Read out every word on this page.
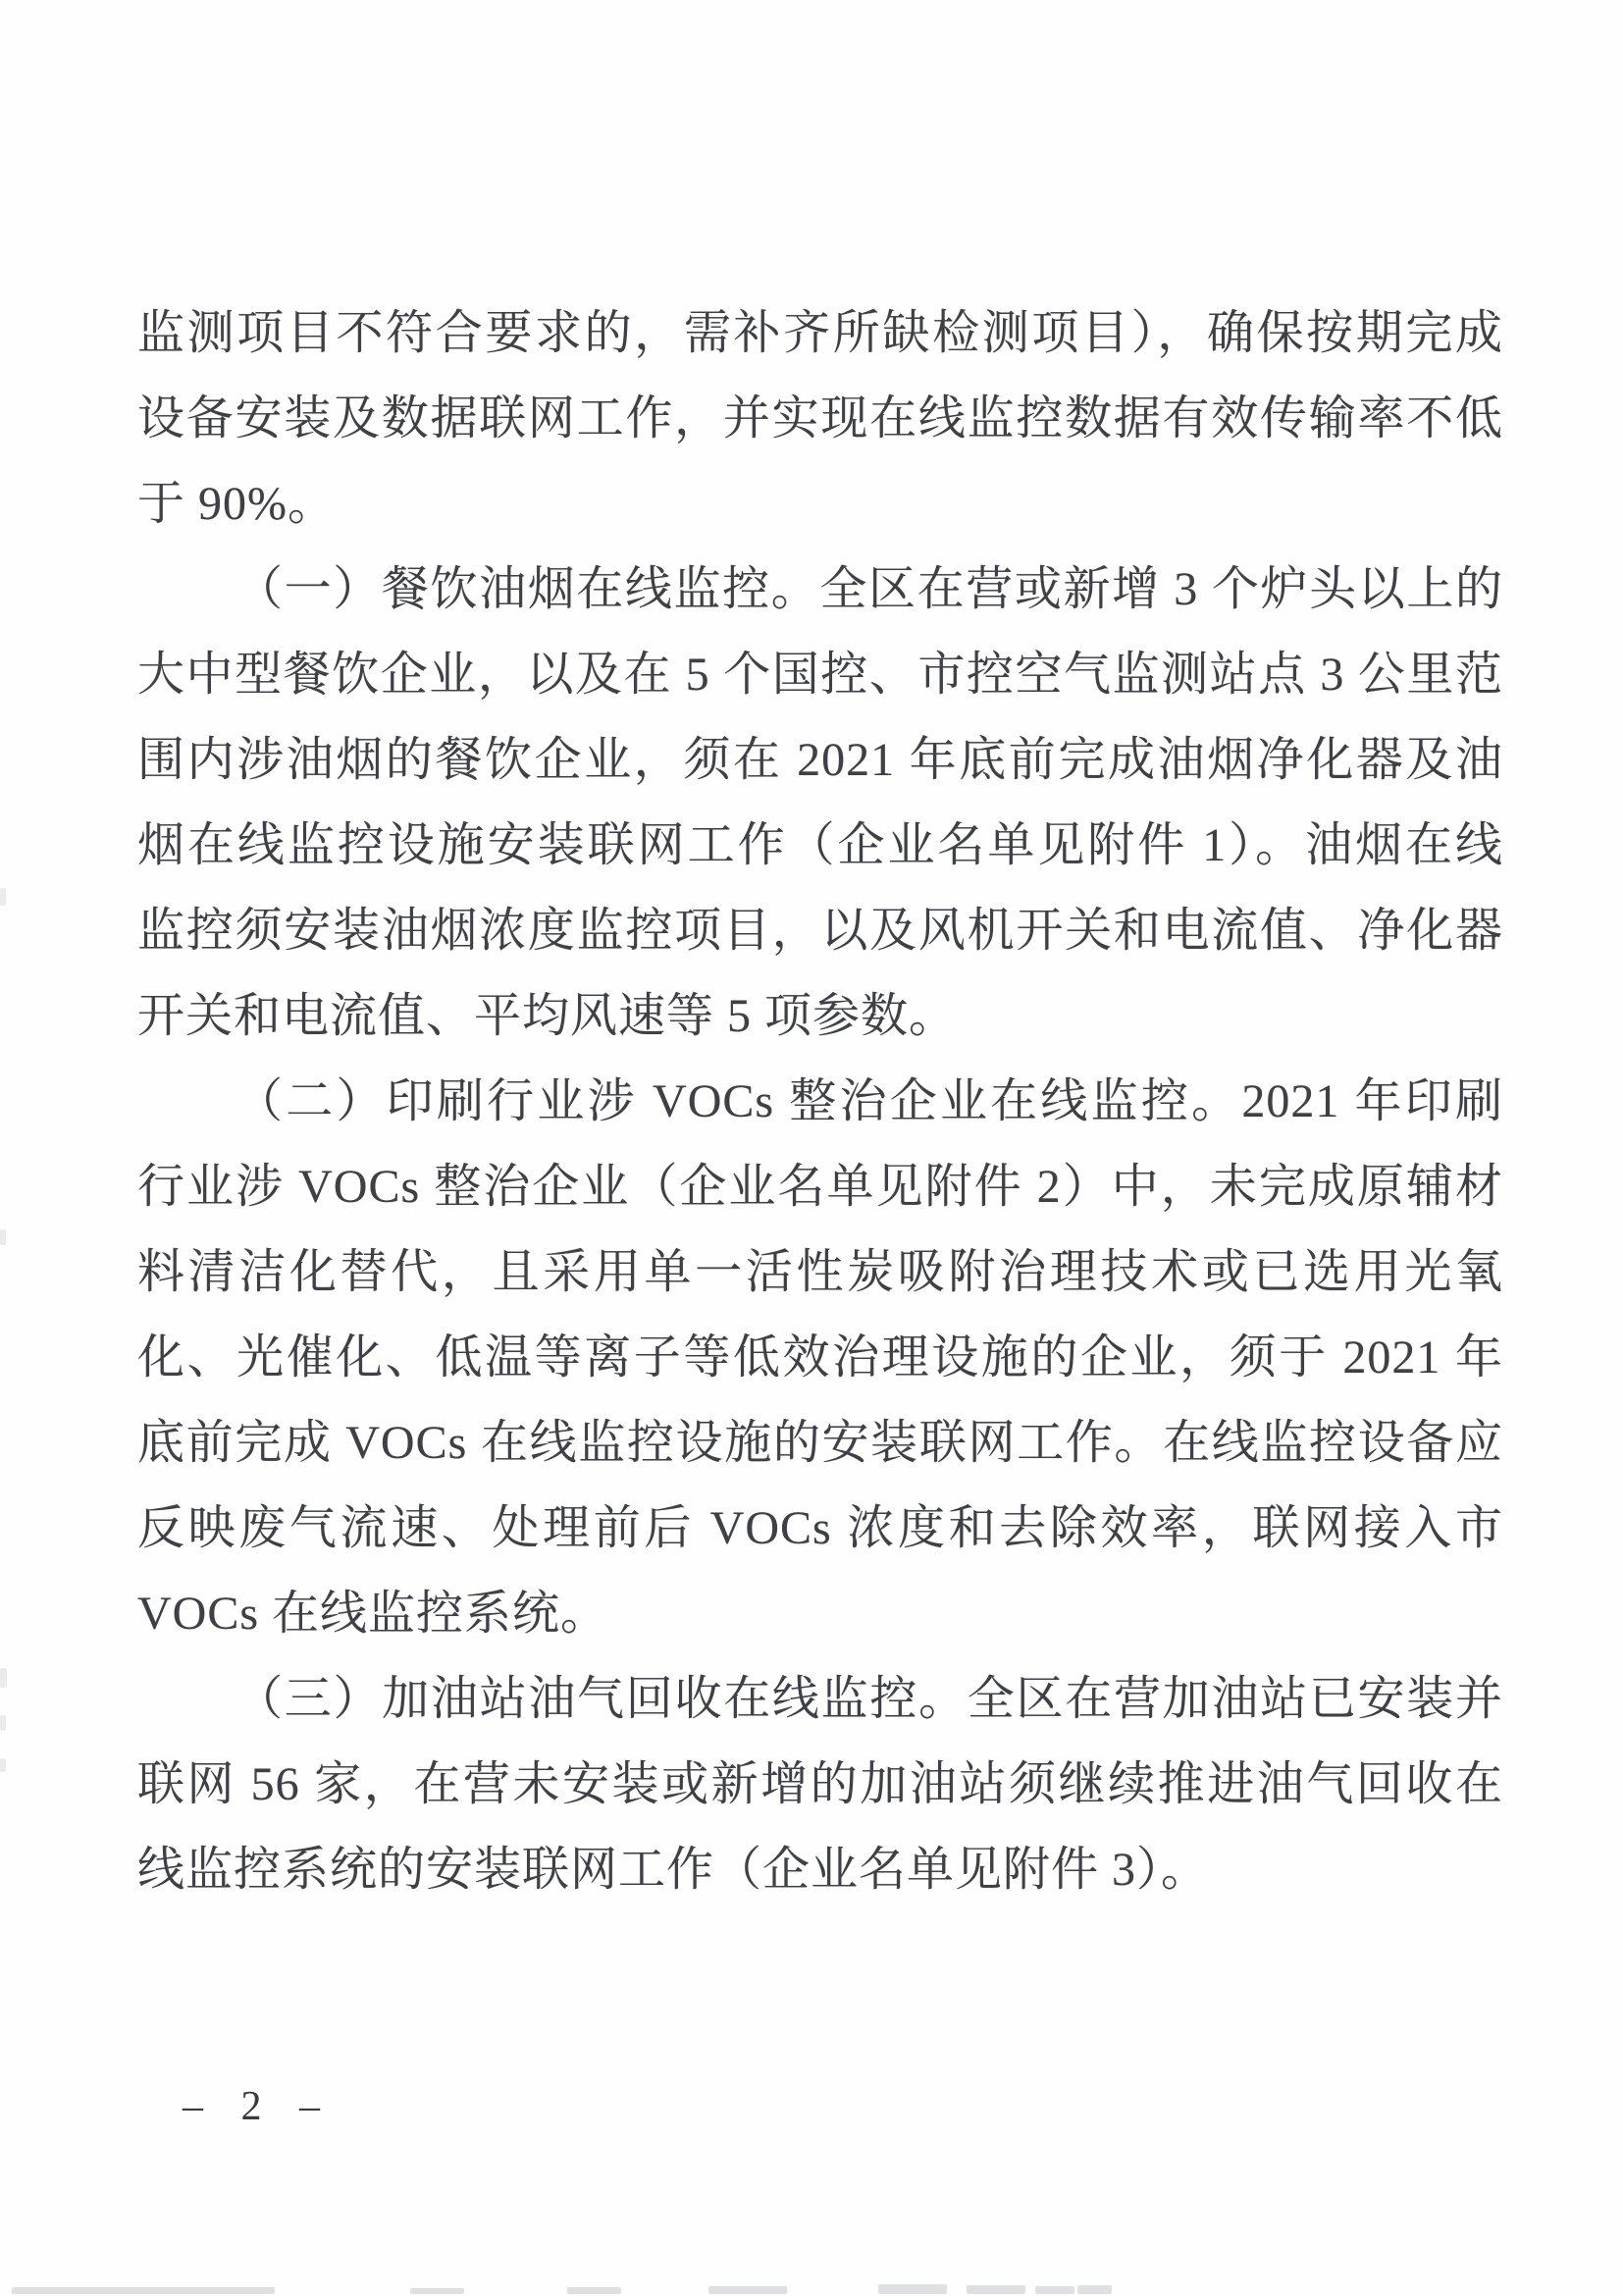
监测项目不符合要求的，需补齐所缺检测项目），确保按期完成
设备安装及数据联网工作，并实现在线监控数据有效传输率不低
于 90%。
（一）餐饮油烟在线监控。全区在营或新增 3 个炉头以上的
大中型餐饮企业，以及在 5 个国控、市控空气监测站点 3 公里范
围内涉油烟的餐饮企业，须在 2021 年底前完成油烟净化器及油
烟在线监控设施安装联网工作（企业名单见附件 1）。油烟在线
监控须安装油烟浓度监控项目，以及风机开关和电流值、净化器
开关和电流值、平均风速等 5 项参数。
（二）印刷行业涉 VOCs 整治企业在线监控。2021 年印刷
行业涉 VOCs 整治企业（企业名单见附件 2）中，未完成原辅材
料清洁化替代，且采用单一活性炭吸附治理技术或已选用光氧
化、光催化、低温等离子等低效治理设施的企业，须于 2021 年
底前完成 VOCs 在线监控设施的安装联网工作。在线监控设备应
反映废气流速、处理前后 VOCs 浓度和去除效率，联网接入市
VOCs 在线监控系统。
（三）加油站油气回收在线监控。全区在营加油站已安装并
联网 56 家，在营未安装或新增的加油站须继续推进油气回收在
线监控系统的安装联网工作（企业名单见附件 3）。
– 2 –
